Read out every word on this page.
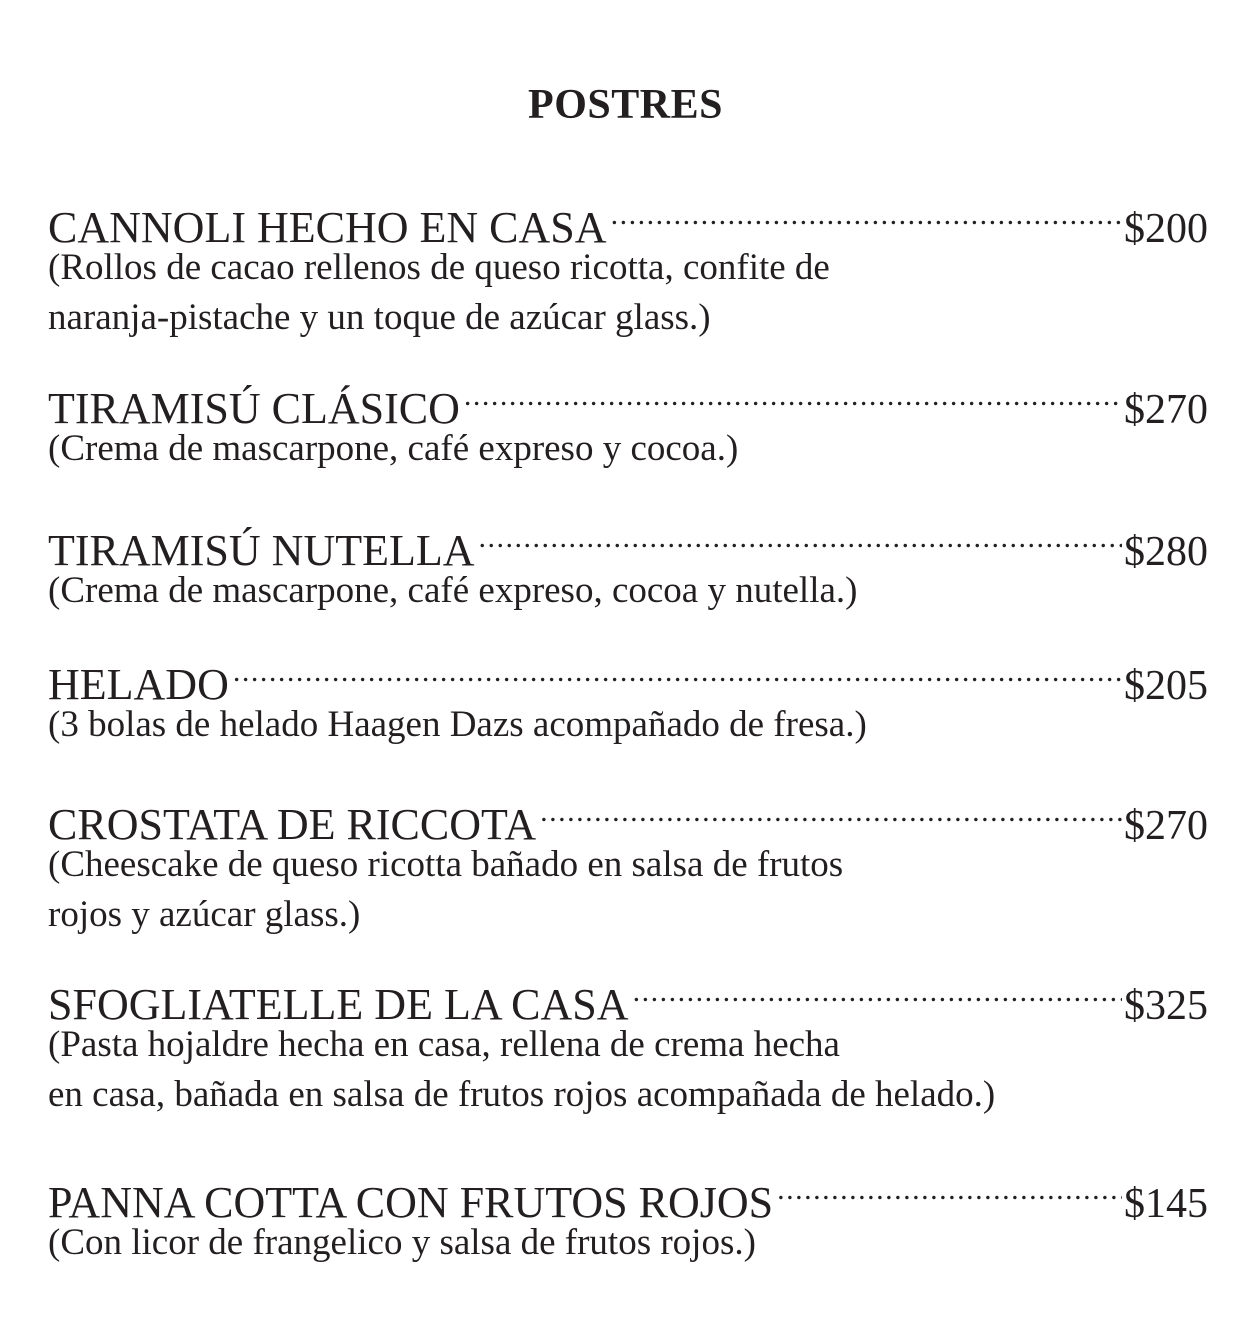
POSTRES
CANNOLI HECHO EN CASA .....	$200
(Rollos de cacao rellenos de queso ricotta, confite de
naranja-pistache y un toque de azúcar glass.)
TIRAMISÚ CLÁSICO .....	$270
(Crema de mascarpone, café expreso y cocoa.)
TIRAMISÚ NUTELLA .....	$280
(Crema de mascarpone, café expreso, cocoa y nutella.)
HELADO .....	$205
(3 bolas de helado Haagen Dazs acompañado de fresa.)
CROSTATA DE RICCOTA .....	$270
(Cheescake de queso ricotta bañado en salsa de frutos
rojos y azúcar glass.)
SFOGLIATELLE DE LA CASA .....	$325
(Pasta hojaldre hecha en casa, rellena de crema hecha
en casa, bañada en salsa de frutos rojos acompañada de helado.)
PANNA COTTA CON FRUTOS ROJOS .....	$145
(Con licor de frangelico y salsa de frutos rojos.)
